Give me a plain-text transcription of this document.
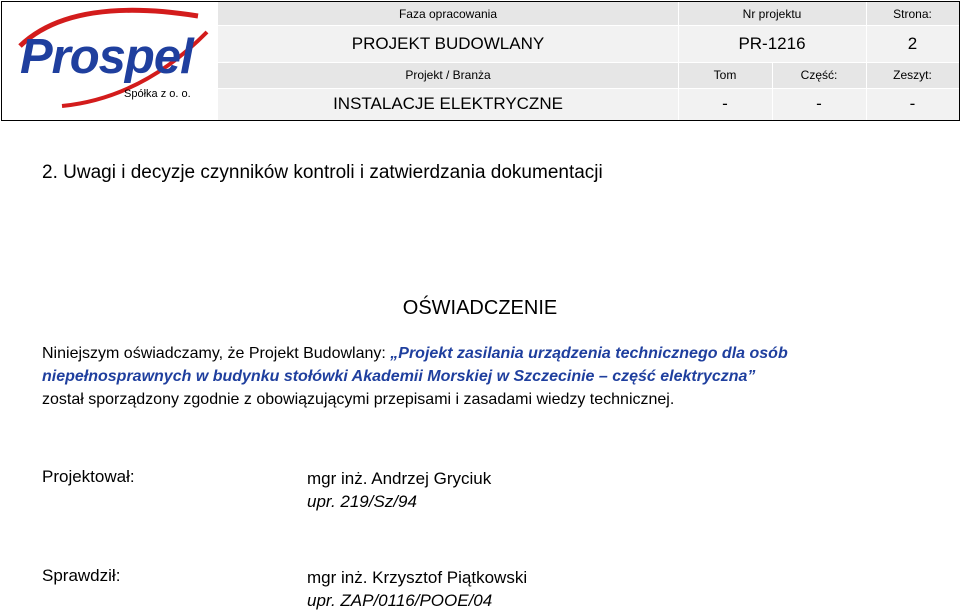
Prospel
Spółka z o. o.
Faza opracowania	Nr projektu	Strona:
PROJEKT BUDOWLANY	PR-1216	2
Projekt / Branża	Tom	Część:	Zeszyt:
INSTALACJE ELEKTRYCZNE	-	-	-
2. Uwagi i decyzje czynników kontroli i zatwierdzania dokumentacji
OŚWIADCZENIE
Niniejszym oświadczamy, że Projekt Budowlany: „Projekt zasilania urządzenia technicznego dla osób
niepełnosprawnych w budynku stołówki Akademii Morskiej w Szczecinie – część elektryczna”
został sporządzony zgodnie z obowiązującymi przepisami i zasadami wiedzy technicznej.
Projektował:	mgr inż. Andrzej Gryciuk
upr. 219/Sz/94
Sprawdził:	mgr inż. Krzysztof Piątkowski
upr. ZAP/0116/POOE/04
